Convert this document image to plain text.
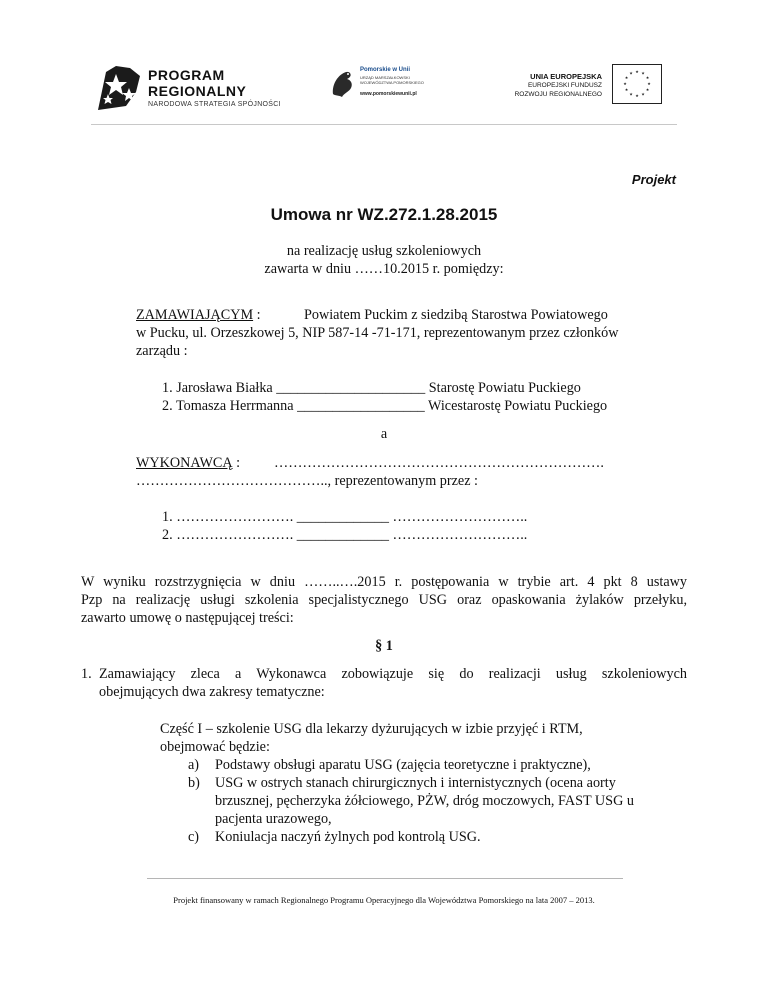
PROGRAM
REGIONALNY
NARODOWA STRATEGIA SPÓJNOŚCI
Pomorskie w Unii
URZĄD MARSZAŁKOWSKI
WOJEWÓDZTWA POMORSKIEGO
www.pomorskiewunii.pl
UNIA EUROPEJSKA
EUROPEJSKI FUNDUSZ
ROZWOJU REGIONALNEGO
★ ★
★
★
★
★
★
★
★
★
★
★
Projekt
Umowa nr WZ.272.1.28.2015
na realizację usług szkoleniowych
zawarta w dniu ……10.2015 r. pomiędzy:
ZAMAWIAJĄCYM :	Powiatem Puckim z siedzibą Starostwa Powiatowego
w Pucku, ul. Orzeszkowej 5, NIP 587-14 -71-171, reprezentowanym przez członków
zarządu :
1. Jarosława Białka _____________________ Starostę Powiatu Puckiego
2. Tomasza Herrmanna __________________ Wicestarostę Powiatu Puckiego
a
WYKONAWCĄ : …………………………………………………………….
………………………………….., reprezentowanym przez :
1. ……………………. _____________ ………………………..
2. ……………………. _____________ ………………………..
W wyniku rozstrzygnięcia w dniu ……..….2015 r. postępowania w trybie art. 4 pkt 8 ustawy
Pzp na realizację usługi szkolenia specjalistycznego USG oraz opaskowania żylaków przełyku,
zawarto umowę o następującej treści:
§ 1
1. Zamawiający zleca a Wykonawca zobowiązuje się do realizacji usług szkoleniowych
obejmujących dwa zakresy tematyczne:
Część I – szkolenie USG dla lekarzy dyżurujących w izbie przyjęć i RTM,
obejmować będzie:
a) Podstawy obsługi aparatu USG (zajęcia teoretyczne i praktyczne),
b) USG w ostrych stanach chirurgicznych i internistycznych (ocena aorty
brzusznej, pęcherzyka żółciowego, PŻW, dróg moczowych, FAST USG u
pacjenta urazowego,
c) Koniulacja naczyń żylnych pod kontrolą USG.
Projekt finansowany w ramach Regionalnego Programu Operacyjnego dla Województwa Pomorskiego na lata 2007 – 2013.
